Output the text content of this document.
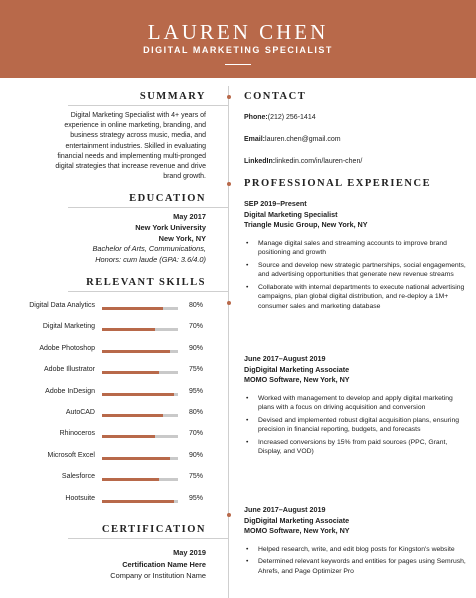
LAUREN CHEN
DIGITAL MARKETING SPECIALIST
SUMMARY
Digital Marketing Specialist with 4+ years of
experience in online marketing, branding, and
business strategy across music, media, and
entertainment industries. Skilled in evaluating
financial needs and implementing multi-pronged
digital strategies that increase revenue and drive
brand growth.
EDUCATION
May 2017
New York University
New York, NY
Bachelor of Arts, Communications,
Honors: cum laude (GPA: 3.6/4.0)
RELEVANT SKILLS
Digital Data Analytics	80%
Digital Marketing	70%
Adobe Photoshop	90%
Adobe Illustrator	75%
Adobe InDesign	95%
AutoCAD	80%
Rhinoceros	70%
Microsoft Excel	90%
Salesforce	75%
Hootsuite	95%
CERTIFICATION
May 2019
Certification Name Here
Company or Institution Name
CONTACT
Phone:(212) 256-1414
Email:lauren.chen@gmail.com
LinkedIn:linkedin.com/in/lauren-chen/
PROFESSIONAL EXPERIENCE
SEP 2019–Present
Digital Marketing Specialist
Triangle Music Group, New York, NY
• Manage digital sales and streaming accounts to improve brand positioning and growth
• Source and develop new strategic partnerships, social engagements, and advertising opportunities that generate new revenue streams
• Collaborate with internal departments to execute national advertising campaigns, plan global digital distribution, and re-deploy a 1M+ consumer sales and marketing database
June 2017–August 2019
DigDigital Marketing Associate
MOMO Software, New York, NY
• Worked with management to develop and apply digital marketing plans with a focus on driving acquisition and conversion
• Devised and implemented robust digital acquisition plans, ensuring precision in financial reporting, budgets, and forecasts
• Increased conversions by 15% from paid sources (PPC, Grant, Display, and VOD)
June 2017–August 2019
DigDigital Marketing Associate
MOMO Software, New York, NY
• Helped research, write, and edit blog posts for Kingston's website
• Determined relevant keywords and entities for pages using Semrush, Ahrefs, and Page Optimizer Pro
